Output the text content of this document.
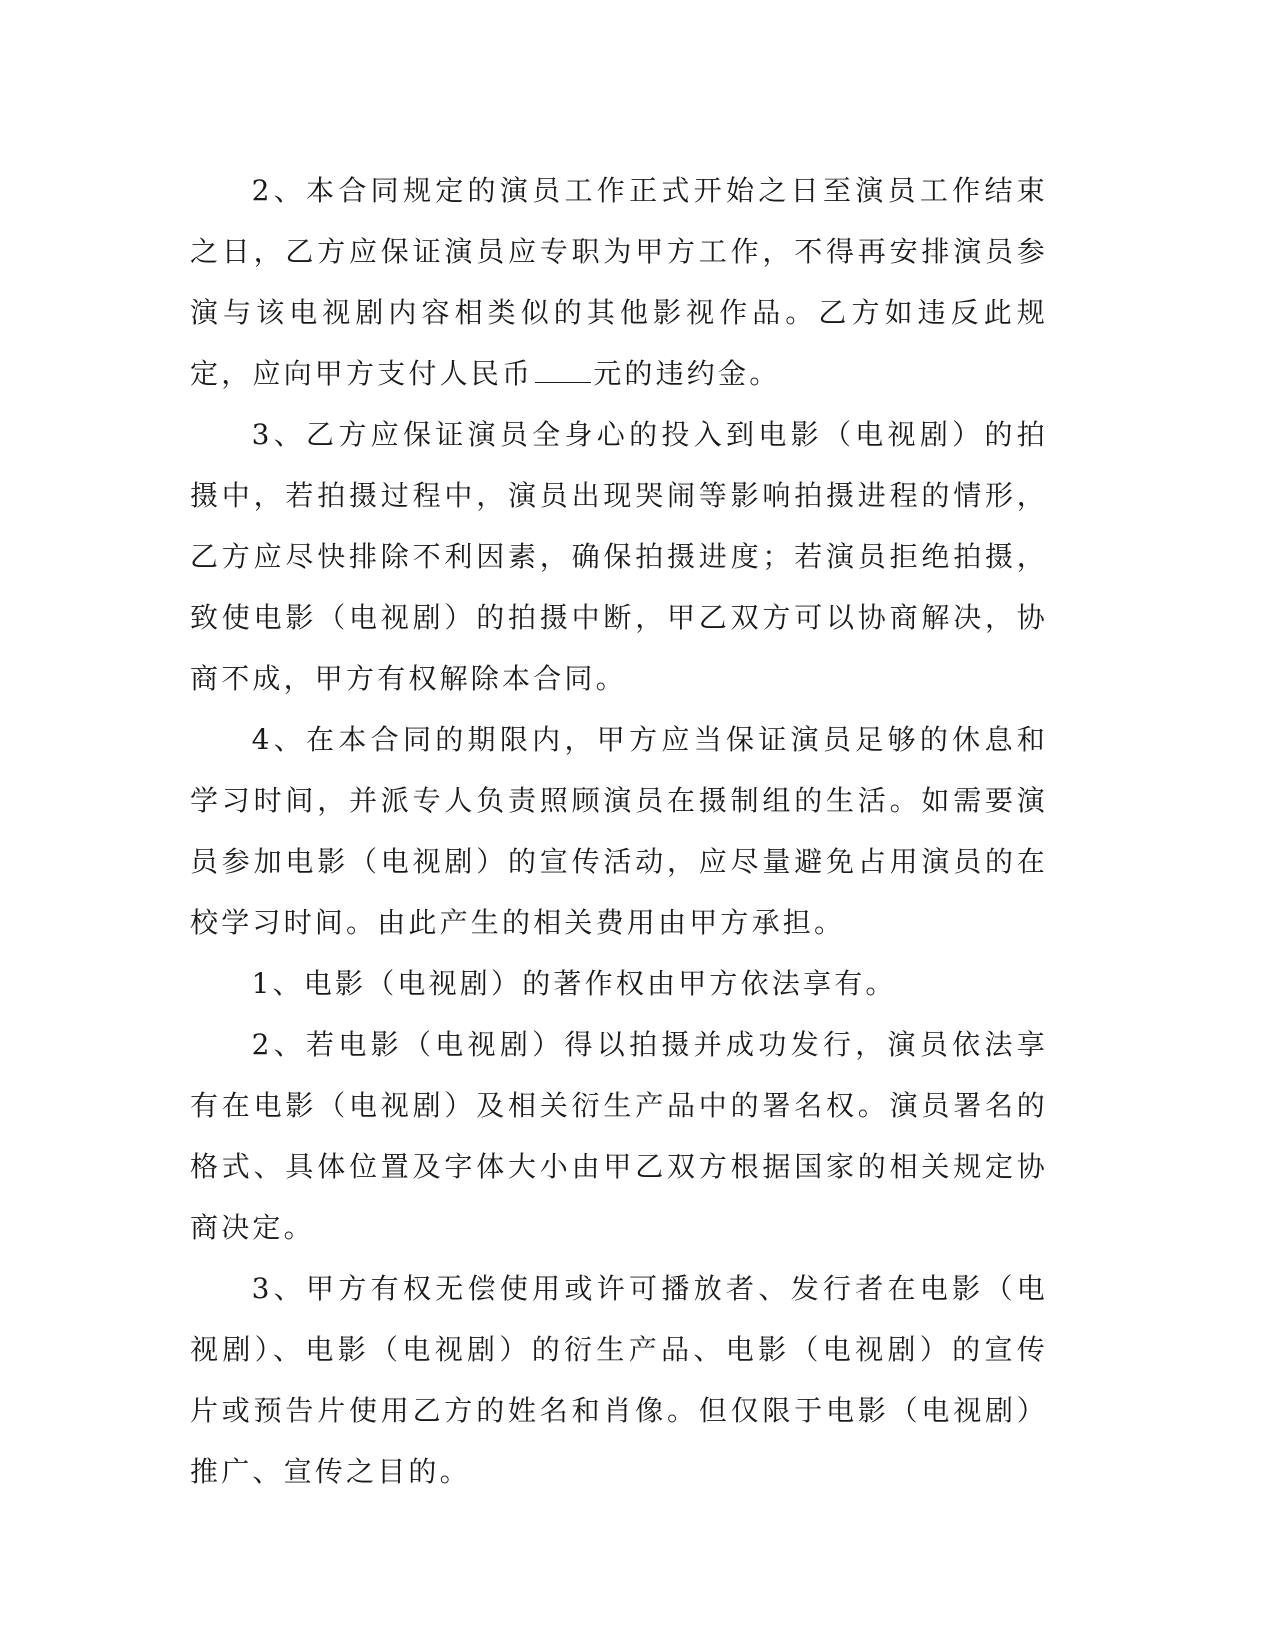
2、本合同规定的演员工作正式开始之日至演员工作结束之日，乙方应保证演员应专职为甲方工作，不得再安排演员参演与该电视剧内容相类似的其他影视作品。乙方如违反此规定，应向甲方支付人民币 元的违约金。

3、乙方应保证演员全身心的投入到电影（电视剧）的拍摄中，若拍摄过程中，演员出现哭闹等影响拍摄进程的情形，乙方应尽快排除不利因素，确保拍摄进度；若演员拒绝拍摄，致使电影（电视剧）的拍摄中断，甲乙双方可以协商解决，协商不成，甲方有权解除本合同。

4、在本合同的期限内，甲方应当保证演员足够的休息和学习时间，并派专人负责照顾演员在摄制组的生活。如需要演员参加电影（电视剧）的宣传活动，应尽量避免占用演员的在校学习时间。由此产生的相关费用由甲方承担。

1、电影（电视剧）的著作权由甲方依法享有。

2、若电影（电视剧）得以拍摄并成功发行，演员依法享有在电影（电视剧）及相关衍生产品中的署名权。演员署名的格式、具体位置及字体大小由甲乙双方根据国家的相关规定协商决定。

3、甲方有权无偿使用或许可播放者、发行者在电影（电视剧）、电影（电视剧）的衍生产品、电影（电视剧）的宣传片或预告片使用乙方的姓名和肖像。但仅限于电影（电视剧）推广、宣传之目的。
